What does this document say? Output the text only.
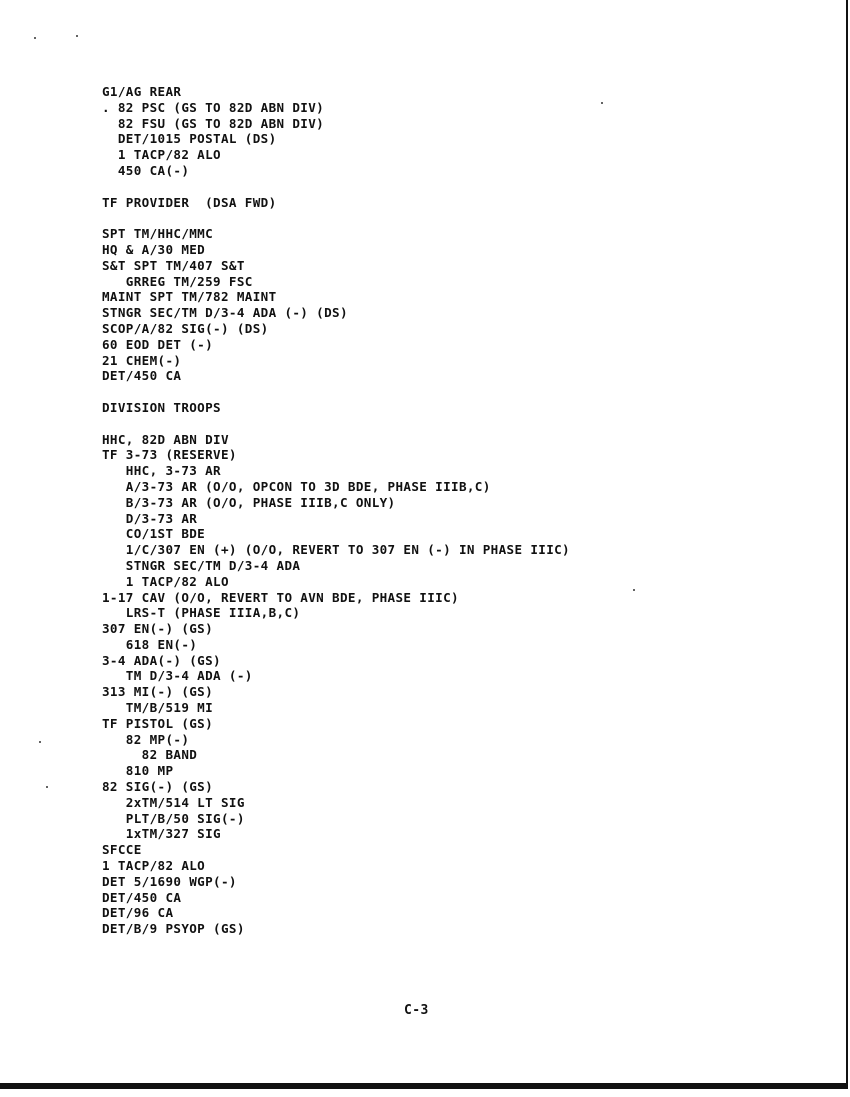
G1/AG REAR
. 82 PSC (GS TO 82D ABN DIV)
82 FSU (GS TO 82D ABN DIV)
DET/1015 POSTAL (DS)
1 TACP/82 ALO
450 CA(-)
TF PROVIDER  (DSA FWD)
SPT TM/HHC/MMC
HQ & A/30 MED
S&T SPT TM/407 S&T
GRREG TM/259 FSC
MAINT SPT TM/782 MAINT
STNGR SEC/TM D/3-4 ADA (-) (DS)
SCOP/A/82 SIG(-) (DS)
60 EOD DET (-)
21 CHEM(-)
DET/450 CA
DIVISION TROOPS
HHC, 82D ABN DIV
TF 3-73 (RESERVE)
HHC, 3-73 AR
A/3-73 AR (O/O, OPCON TO 3D BDE, PHASE IIIB,C)
B/3-73 AR (O/O, PHASE IIIB,C ONLY)
D/3-73 AR
CO/1ST BDE
1/C/307 EN (+) (O/O, REVERT TO 307 EN (-) IN PHASE IIIC)
STNGR SEC/TM D/3-4 ADA
1 TACP/82 ALO
1-17 CAV (O/O, REVERT TO AVN BDE, PHASE IIIC)
LRS-T (PHASE IIIA,B,C)
307 EN(-) (GS)
618 EN(-)
3-4 ADA(-) (GS)
TM D/3-4 ADA (-)
313 MI(-) (GS)
TM/B/519 MI
TF PISTOL (GS)
82 MP(-)
82 BAND
810 MP
82 SIG(-) (GS)
2xTM/514 LT SIG
PLT/B/50 SIG(-)
1xTM/327 SIG
SFCCE
1 TACP/82 ALO
DET 5/1690 WGP(-)
DET/450 CA
DET/96 CA
DET/B/9 PSYOP (GS)
C-3
